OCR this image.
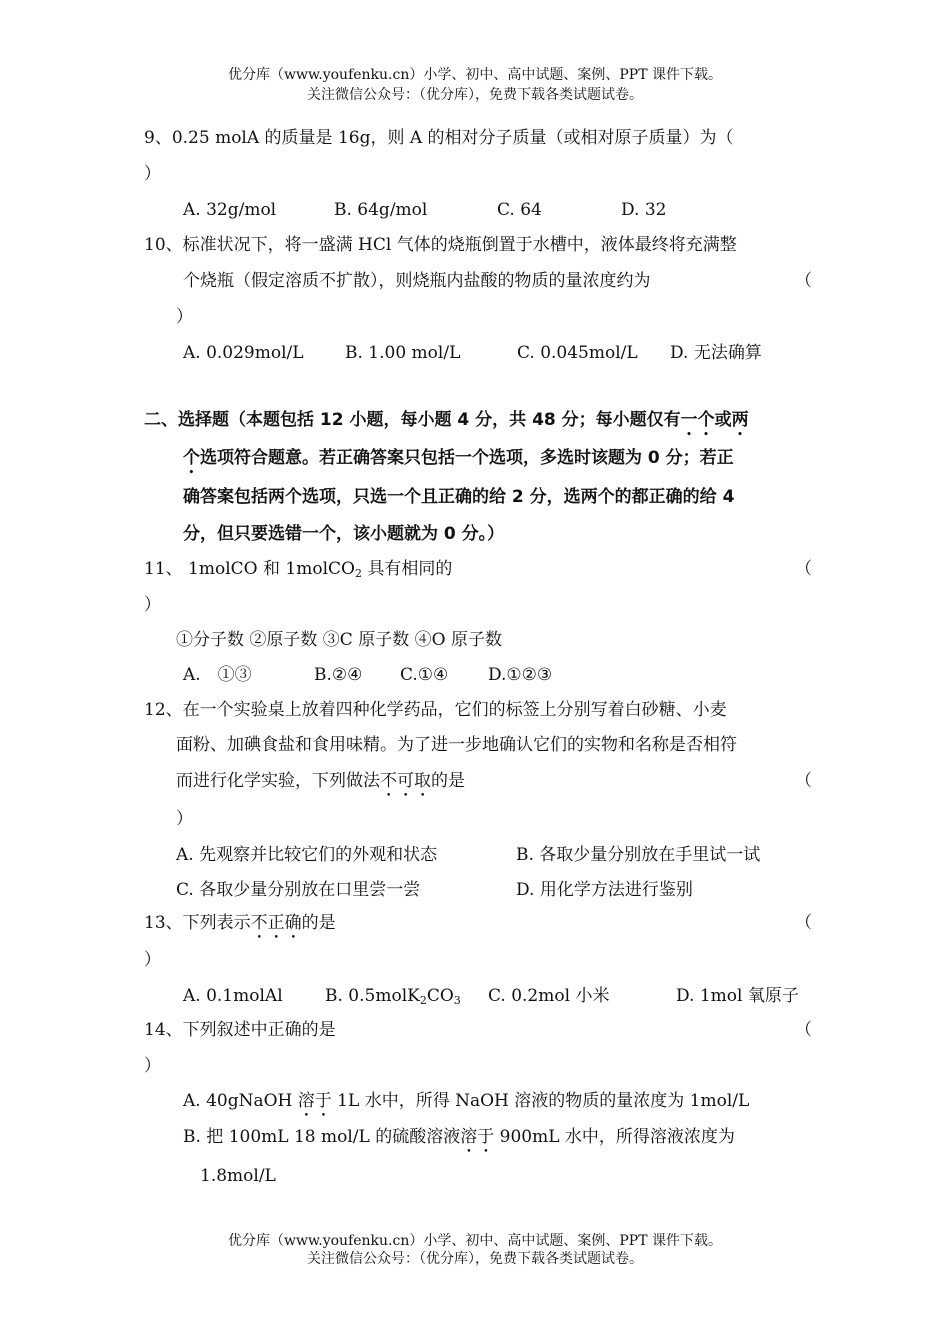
优分库（www.youfenku.cn）小学、初中、高中试题、案例、PPT 课件下载。
关注微信公众号：（优分库），免费下载各类试题试卷。
9、0.25 molA 的质量是 16g，则 A 的相对分子质量（或相对原子质量）为（
）
A. 32g/mol	B. 64g/mol	C. 64	D. 32
10、标准状况下，将一盛满 HCl 气体的烧瓶倒置于水槽中，液体最终将充满整
个烧瓶（假定溶质不扩散），则烧瓶内盐酸的物质的量浓度约为	（
）
A. 0.029mol/L B. 1.00 mol/L	C. 0.045mol/L D. 无法确算
二、选择题（本题包括 12 小题，每小题 4 分，共 48 分；每小题仅有一个或两
个选项符合题意。若正确答案只包括一个选项，多选时该题为 0 分；若正
确答案包括两个选项，只选一个且正确的给 2 分，选两个的都正确的给 4
分，但只要选错一个，该小题就为 0 分。）
11、 1molCO 和 1molCO$_2$ 具有相同的	（
）
①分子数 ②原子数 ③C 原子数 ④O 原子数
A.　①③	B.②④ C.①④ D.①②③
12、在一个实验桌上放着四种化学药品，它们的标签上分别写着白砂糖、小麦
面粉、加碘食盐和食用味精。为了进一步地确认它们的实物和名称是否相符
而进行化学实验，下列做法不可取的是	（
）
A. 先观察并比较它们的外观和状态	B. 各取少量分别放在手里试一试
C. 各取少量分别放在口里尝一尝	D. 用化学方法进行鉴别
13、下列表示不正确的是	（
）
A. 0.1molAl B. $0.5molK_2CO_3$ C. 0.2mol 小米	D. 1mol 氧原子
14、下列叙述中正确的是	（
）
A. 40gNaOH 溶于 1L 水中，所得 NaOH 溶液的物质的量浓度为 1mol/L
B. 把 100mL 18 mol/L 的硫酸溶液溶于 900mL 水中，所得溶液浓度为
1.8mol/L
优分库（www.youfenku.cn）小学、初中、高中试题、案例、PPT 课件下载。
关注微信公众号：（优分库），免费下载各类试题试卷。
